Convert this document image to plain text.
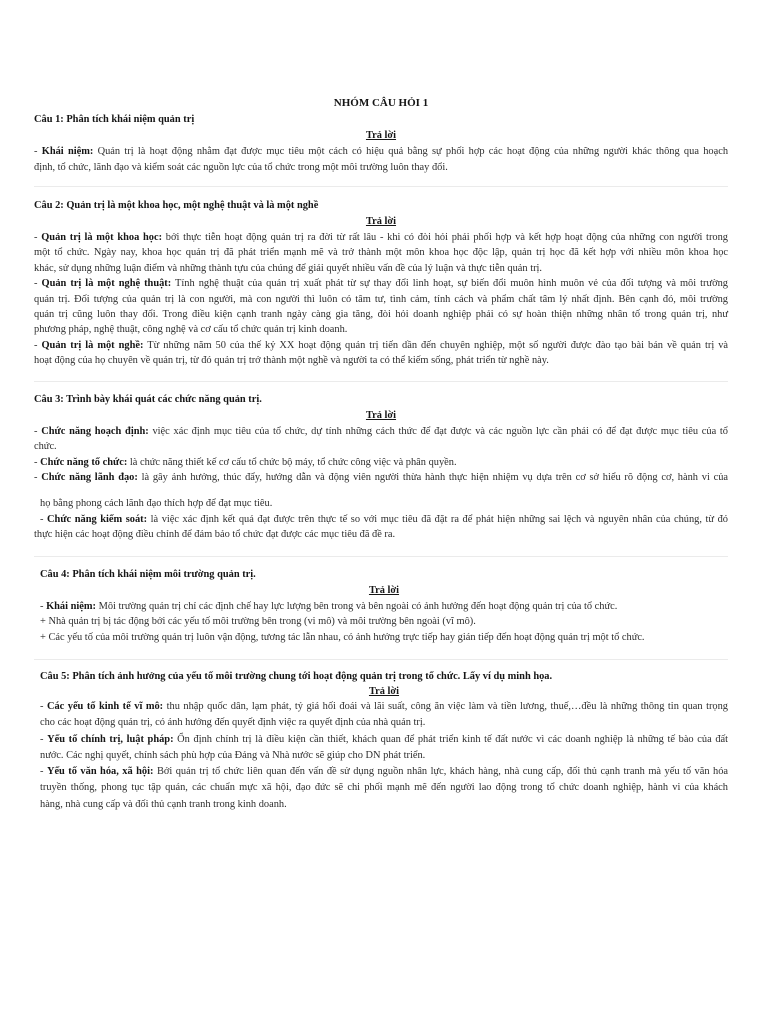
NHÓM CÂU HỎI 1
Câu 1: Phân tích khái niệm quản trị
Trả lời
- Khái niệm: Quản trị là hoạt động nhằm đạt được mục tiêu một cách có hiệu quả bằng sự phối hợp các hoạt động của những người khác thông qua hoạch
định, tổ chức, lãnh đạo và kiểm soát các nguồn lực của tổ chức trong một môi trường luôn thay đổi.
Câu 2: Quản trị là một khoa học, một nghệ thuật và là một nghề
Trả lời
- Quản trị là một khoa học: bởi thực tiễn hoạt động quản trị ra đời từ rất lâu - khi có đòi hỏi phải phối hợp và kết hợp hoạt động của những con người trong
một tổ chức. Ngày nay, khoa học quản trị đã phát triển mạnh mẽ và trở thành một môn khoa học độc lập, quản trị học đã kết hợp với nhiều môn khoa học
khác, sử dụng những luận điểm và những thành tựu của chúng để giải quyết nhiều vấn đề của lý luận và thực tiễn quản trị.
- Quản trị là một nghệ thuật: Tính nghệ thuật của quản trị xuất phát từ sự thay đổi linh hoạt, sự biến đổi muôn hình muôn vẻ của đối tượng và môi trường
quản trị. Đối tượng của quản trị là con người, mà con người thì luôn có tâm tư, tình cảm, tính cách và phẩm chất tâm lý nhất định. Bên cạnh đó, môi trường
quản trị cũng luôn thay đổi. Trong điều kiện cạnh tranh ngày càng gia tăng, đòi hỏi doanh nghiệp phải có sự hoàn thiện những nhân tố trong quản trị, như
phương pháp, nghệ thuật, công nghệ và cơ cấu tổ chức quản trị kinh doanh.
- Quản trị là một nghề: Từ những năm 50 của thế kỷ XX hoạt động quản trị tiến dần đến chuyên nghiệp, một số người được đào tạo bài bản về quản trị và
hoạt động của họ chuyên về quản trị, từ đó quản trị trở thành một nghề và người ta có thể kiếm sống, phát triển từ nghề này.
Câu 3: Trình bày khái quát các chức năng quản trị.
Trả lời
- Chức năng hoạch định: việc xác định mục tiêu của tổ chức, dự tính những cách thức để đạt được và các nguồn lực cần phải có để đạt được mục tiêu của tổ
chức.
- Chức năng tổ chức: là chức năng thiết kế cơ cấu tổ chức bộ máy, tổ chức công việc và phân quyền.
- Chức năng lãnh đạo: là gây ảnh hưởng, thúc đẩy, hướng dẫn và động viên người thừa hành thực hiện nhiệm vụ dựa trên cơ sở hiểu rõ động cơ, hành vi của
họ bằng phong cách lãnh đạo thích hợp để đạt mục tiêu.
- Chức năng kiểm soát: là việc xác định kết quả đạt được trên thực tế so với mục tiêu đã đặt ra để phát hiện những sai lệch và nguyên nhân của chúng, từ đó
thực hiện các hoạt động điều chỉnh để đảm bảo tổ chức đạt được các mục tiêu đã đề ra.
Câu 4: Phân tích khái niệm môi trường quản trị.
Trả lời
- Khái niệm: Môi trường quản trị chỉ các định chế hay lực lượng bên trong và bên ngoài có ảnh hưởng đến hoạt động quản trị của tổ chức.
+ Nhà quản trị bị tác động bởi các yếu tố môi trường bên trong (vi mô) và môi trường bên ngoài (vĩ mô).
+ Các yếu tố của môi trường quản trị luôn vận động, tương tác lẫn nhau, có ảnh hưởng trực tiếp hay gián tiếp đến hoạt động quản trị một tổ chức.
Câu 5: Phân tích ảnh hưởng của yếu tố môi trường chung tới hoạt động quản trị trong tổ chức. Lấy ví dụ minh họa.
Trả lời
- Các yếu tố kinh tế vĩ mô: thu nhập quốc dân, lạm phát, tỷ giá hối đoái và lãi suất, công ăn việc làm và tiền lương, thuế,…đều là những thông tin quan trọng
cho các hoạt động quản trị, có ảnh hưởng đến quyết định việc ra quyết định của nhà quản trị.
- Yếu tố chính trị, luật pháp: Ổn định chính trị là điều kiện cần thiết, khách quan để phát triển kinh tế đất nước vì các doanh nghiệp là những tế bào của đất
nước. Các nghị quyết, chính sách phù hợp của Đảng và Nhà nước sẽ giúp cho DN phát triển.
- Yếu tố văn hóa, xã hội: Bởi quản trị tổ chức liên quan đến vấn đề sử dụng nguồn nhân lực, khách hàng, nhà cung cấp, đối thủ cạnh tranh mà yếu tố văn hóa
truyền thống, phong tục tập quán, các chuẩn mực xã hội, đạo đức sẽ chi phối mạnh mẽ đến người lao động trong tổ chức doanh nghiệp, hành vi của khách
hàng, nhà cung cấp và đối thủ cạnh tranh trong kinh doanh.
